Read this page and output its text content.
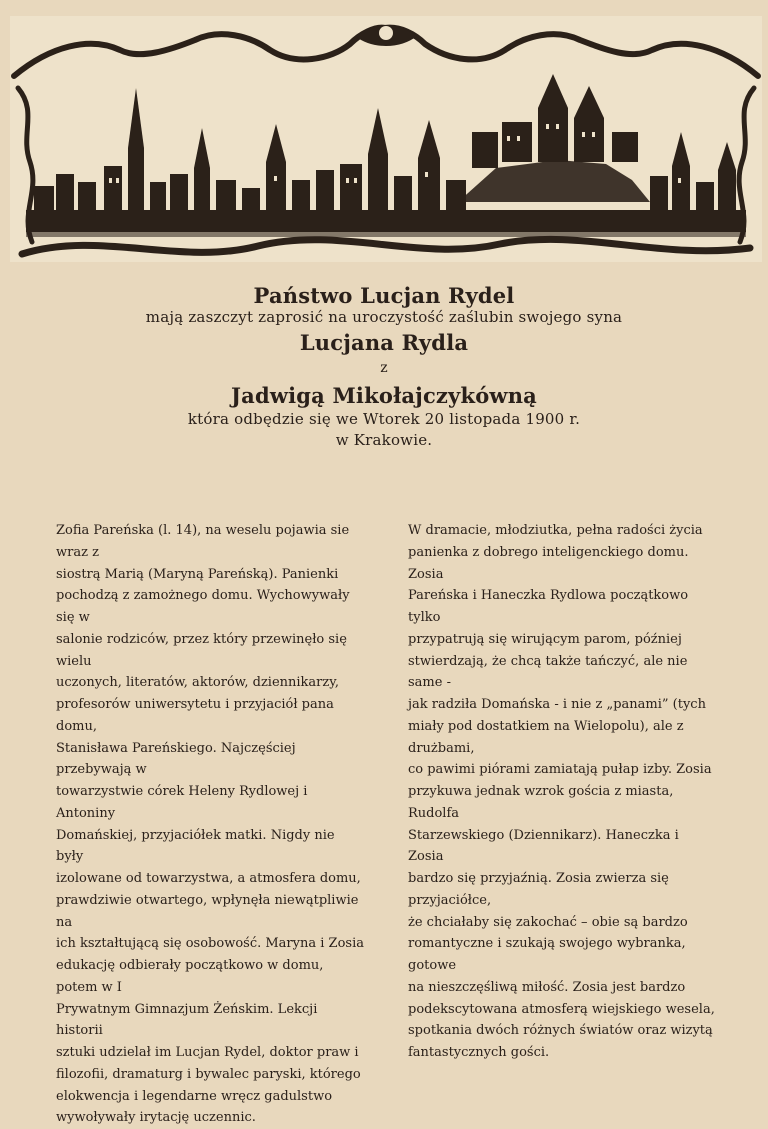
Państwo Lucjan Rydel
mają zaszczyt zaprosić na uroczystość zaślubin swojego syna
Lucjana Rydla
z
Jadwigą Mikołajczykówną
która odbędzie się we Wtorek 20 listopada 1900 r.
w Krakowie.
Zofia Pareńska (l. 14), na weselu pojawia sie wraz z
siostrą Marią (Maryną Pareńską). Panienki
pochodzą z zamożnego domu. Wychowywały się w
salonie rodziców, przez który przewinęło się wielu
uczonych, literatów, aktorów, dziennikarzy,
profesorów uniwersytetu i przyjaciół pana domu,
Stanisława Pareńskiego. Najczęściej przebywają w
towarzystwie córek Heleny Rydlowej i Antoniny
Domańskiej, przyjaciółek matki. Nigdy nie były
izolowane od towarzystwa, a atmosfera domu,
prawdziwie otwartego, wpłynęła niewątpliwie na
ich kształtującą się osobowość. Maryna i Zosia
edukację odbierały początkowo w domu, potem w I
Prywatnym Gimnazjum Żeńskim. Lekcji historii
sztuki udzielał im Lucjan Rydel, doktor praw i
filozofii, dramaturg i bywalec paryski, którego
elokwencja i legendarne wręcz gadulstwo
wywoływały irytację uczennic.
W dramacie, młodziutka, pełna radości życia
panienka z dobrego inteligenckiego domu. Zosia
Pareńska i Haneczka Rydlowa początkowo tylko
przypatrują się wirującym parom, później
stwierdzają, że chcą także tańczyć, ale nie same -
jak radziła Domańska - i nie z „panami” (tych
miały pod dostatkiem na Wielopolu), ale z drużbami,
co pawimi piórami zamiatają pułap izby. Zosia
przykuwa jednak wzrok gościa z miasta, Rudolfa
Starzewskiego (Dziennikarz). Haneczka i Zosia
bardzo się przyjaźnią. Zosia zwierza się przyjaciółce,
że chciałaby się zakochać – obie są bardzo
romantyczne i szukają swojego wybranka, gotowe
na nieszczęśliwą miłość. Zosia jest bardzo
podekscytowana atmosferą wiejskiego wesela,
spotkania dwóch różnych światów oraz wizytą
fantastycznych gości.
